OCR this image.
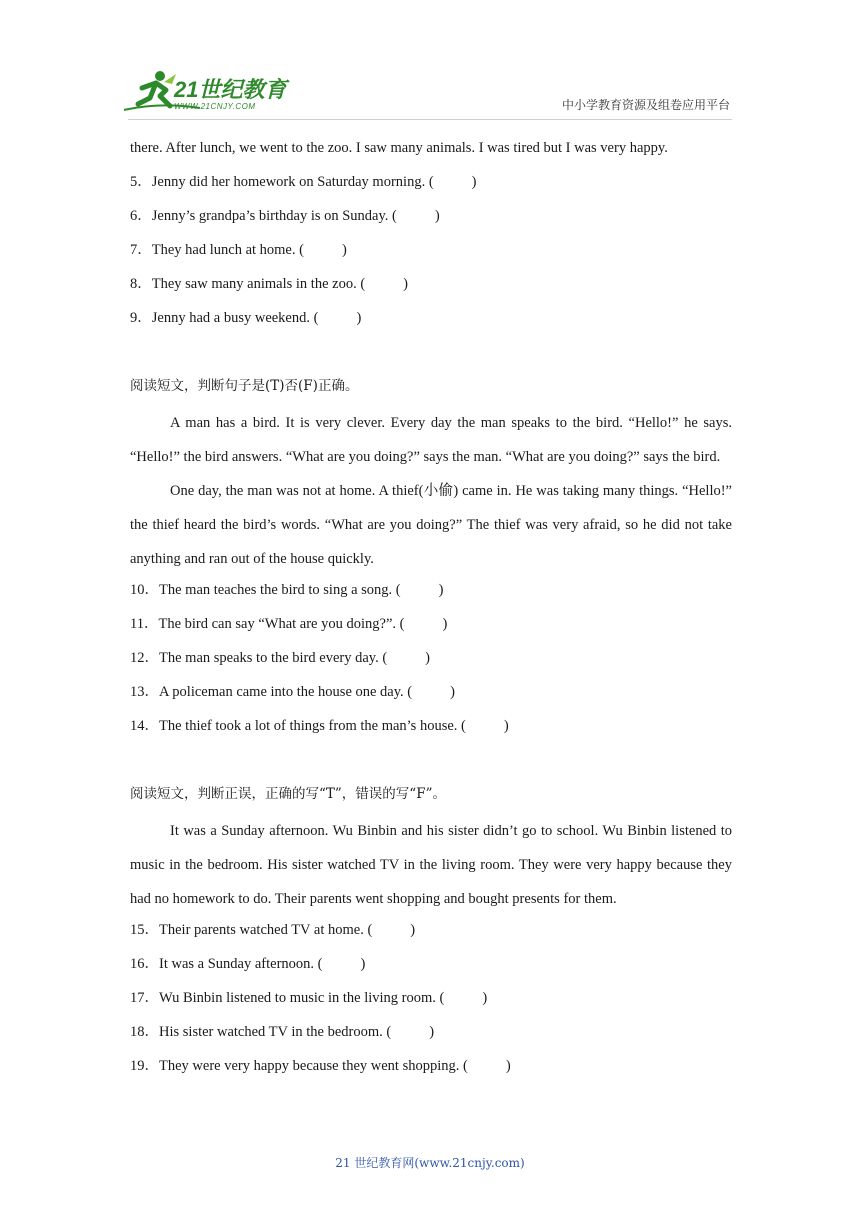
21世纪教育
WWW.21CNJY.COM	中小学教育资源及组卷应用平台
there. After lunch, we went to the zoo. I saw many animals. I was tired but I was very happy.
5．Jenny did her homework on Saturday morning. (	)
6．Jenny’s grandpa’s birthday is on Sunday. (	)
7．They had lunch at home. (	)
8．They saw many animals in the zoo. (	)
9．Jenny had a busy weekend. (	)
阅读短文，判断句子是(T)否(F)正确。
A man has a bird. It is very clever. Every day the man speaks to the bird. “Hello!” he says. “Hello!” the bird answers. “What are you doing?” says the man. “What are you doing?” says the bird.
One day, the man was not at home. A thief(小偷) came in. He was taking many things. “Hello!” the thief heard the bird’s words. “What are you doing?” The thief was very afraid, so he did not take anything and ran out of the house quickly.
10．The man teaches the bird to sing a song. (	)
11．The bird can say “What are you doing?”. (	)
12．The man speaks to the bird every day. (	)
13．A policeman came into the house one day. (	)
14．The thief took a lot of things from the man’s house. (	)
阅读短文，判断正误，正确的写“T”，错误的写“F”。
It was a Sunday afternoon. Wu Binbin and his sister didn’t go to school. Wu Binbin listened to music in the bedroom. His sister watched TV in the living room. They were very happy because they had no homework to do. Their parents went shopping and bought presents for them.
15．Their parents watched TV at home. (	)
16．It was a Sunday afternoon. (	)
17．Wu Binbin listened to music in the living room. (	)
18．His sister watched TV in the bedroom. (	)
19．They were very happy because they went shopping. (	)
21 世纪教育网(www.21cnjy.com)
